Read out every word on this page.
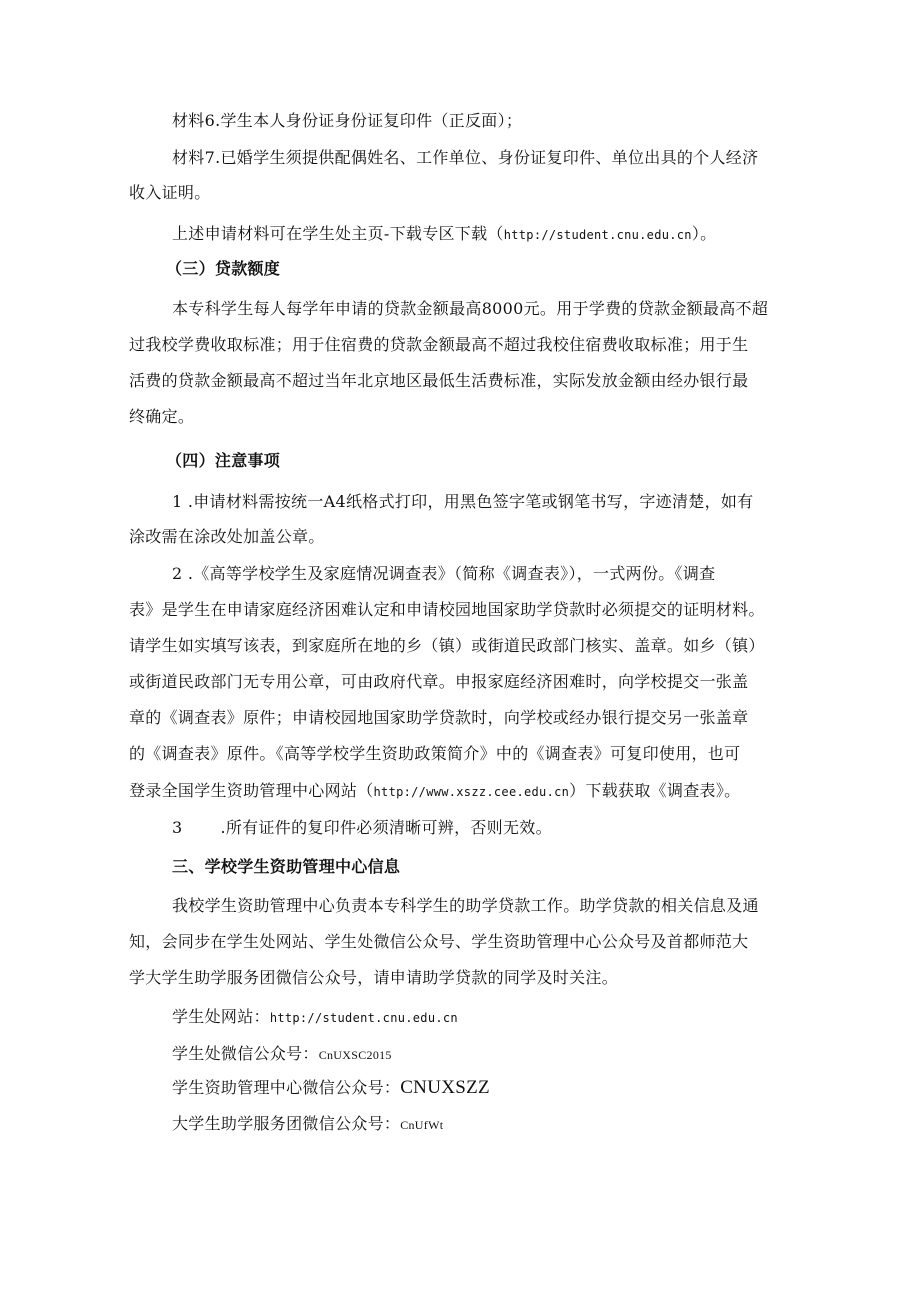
材料6.学生本人身份证身份证复印件（正反面）；
材料7.已婚学生须提供配偶姓名、工作单位、身份证复印件、单位出具的个人经济
收入证明。
上述申请材料可在学生处主页-下载专区下载（http://student.cnu.edu.cn）。
（三）贷款额度
本专科学生每人每学年申请的贷款金额最高8000元。用于学费的贷款金额最高不超
过我校学费收取标准；用于住宿费的贷款金额最高不超过我校住宿费收取标准；用于生
活费的贷款金额最高不超过当年北京地区最低生活费标准，实际发放金额由经办银行最
终确定。
（四）注意事项
1 .申请材料需按统一A4纸格式打印，用黑色签字笔或钢笔书写，字迹清楚，如有
涂改需在涂改处加盖公章。
2 .《高等学校学生及家庭情况调查表》（简称《调查表》），一式两份。《调查
表》是学生在申请家庭经济困难认定和申请校园地国家助学贷款时必须提交的证明材料。
请学生如实填写该表，到家庭所在地的乡（镇）或街道民政部门核实、盖章。如乡（镇）
或街道民政部门无专用公章，可由政府代章。申报家庭经济困难时，向学校提交一张盖
章的《调查表》原件；申请校园地国家助学贷款时，向学校或经办银行提交另一张盖章
的《调查表》原件。《高等学校学生资助政策简介》中的《调查表》可复印使用，也可
登录全国学生资助管理中心网站（http://www.xszz.cee.edu.cn）下载获取《调查表》。
3 .所有证件的复印件必须清晰可辨，否则无效。
三、学校学生资助管理中心信息
我校学生资助管理中心负责本专科学生的助学贷款工作。助学贷款的相关信息及通
知，会同步在学生处网站、学生处微信公众号、学生资助管理中心公众号及首都师范大
学大学生助学服务团微信公众号，请申请助学贷款的同学及时关注。
学生处网站：http://student.cnu.edu.cn
学生处微信公众号：CnUXSC2015
学生资助管理中心微信公众号：CNUXSZZ
大学生助学服务团微信公众号：CnUfWt
